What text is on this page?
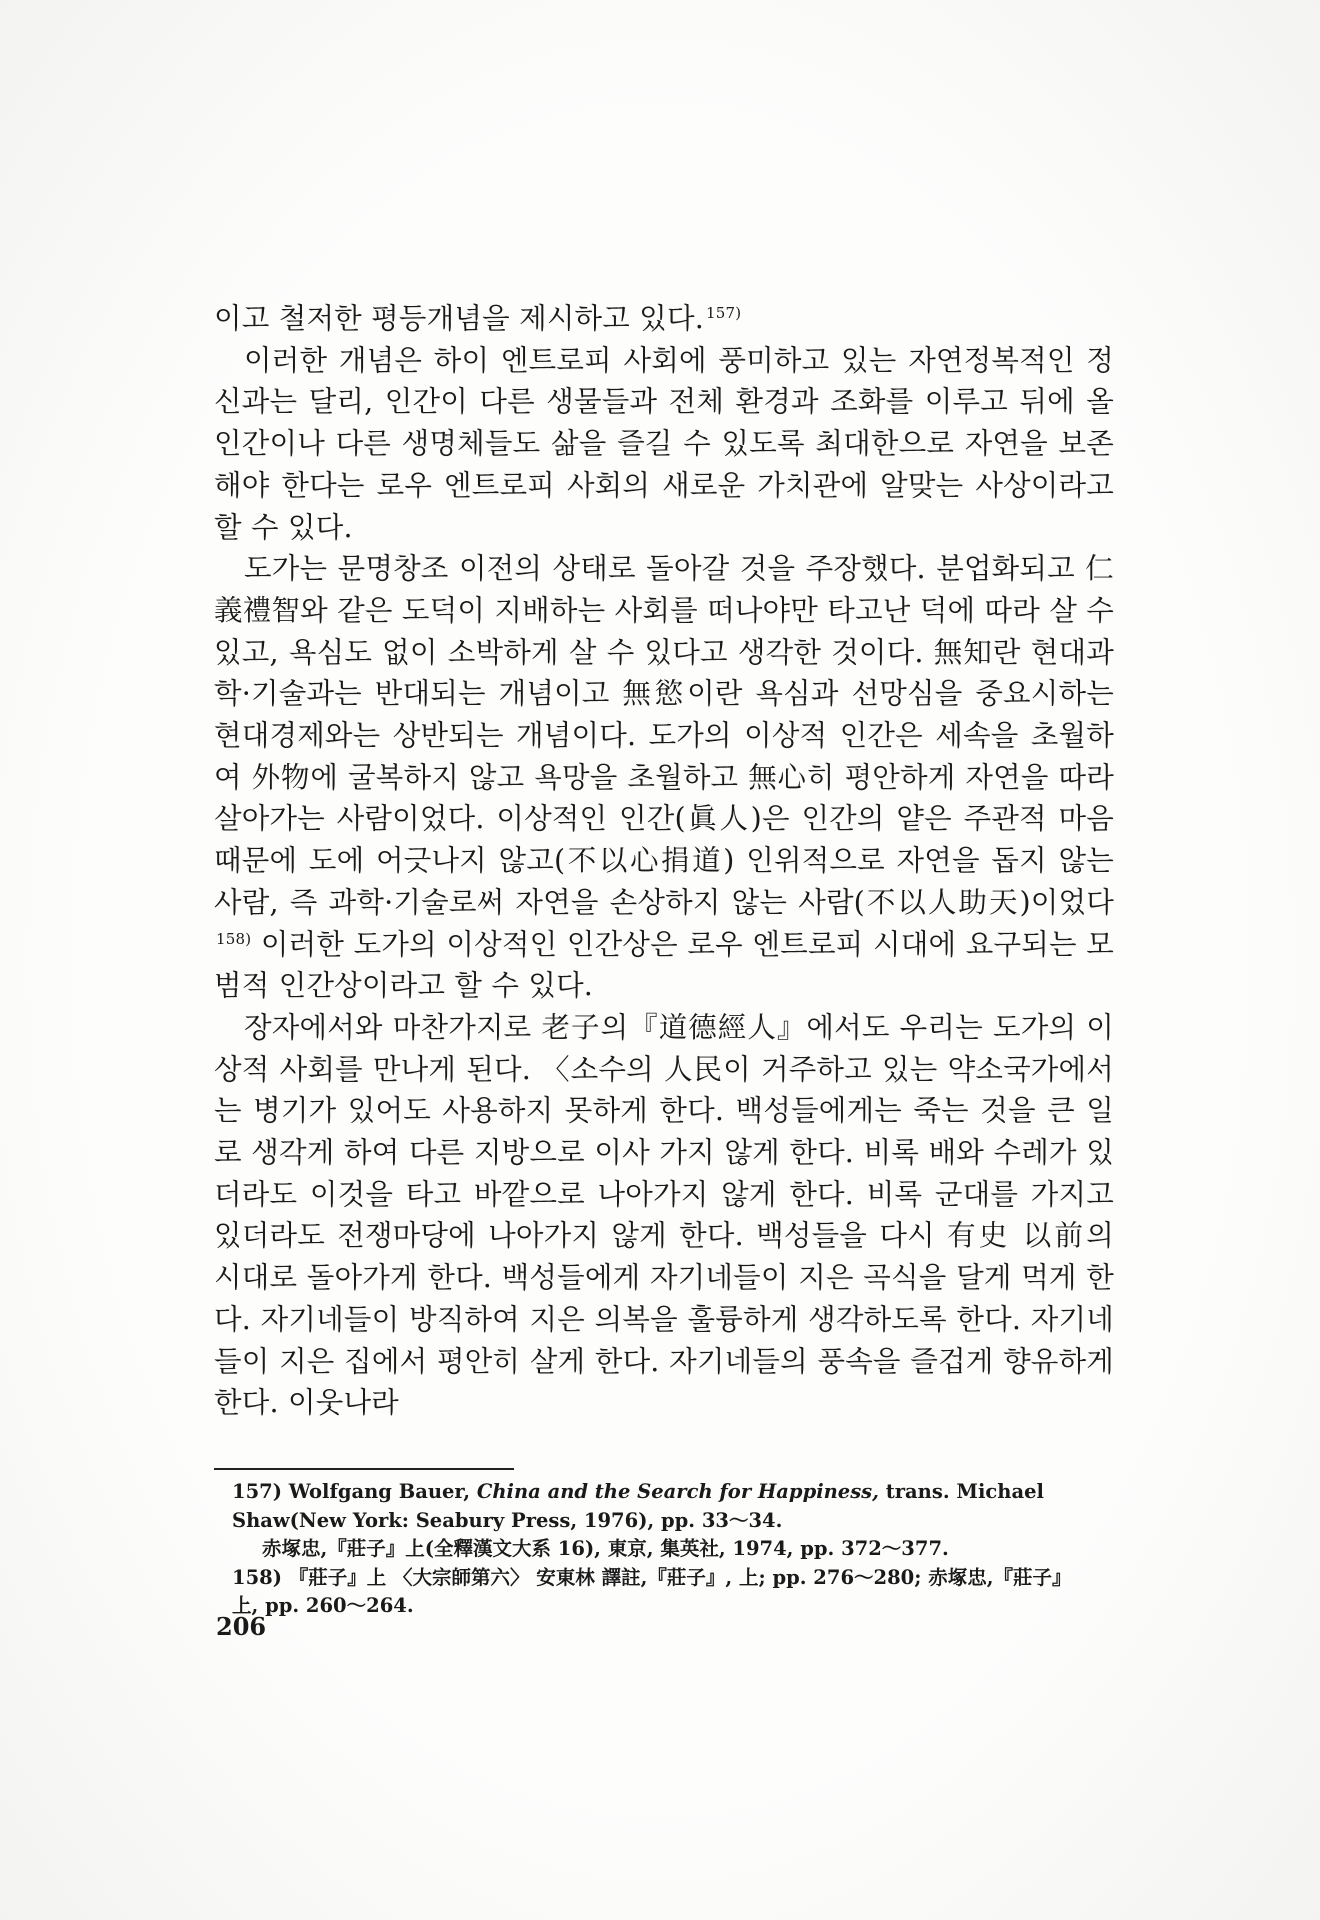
이고 철저한 평등개념을 제시하고 있다. $^{157)}$

이러한 개념은 하이 엔트로피 사회에 풍미하고 있는 자연정복적인 정신과는 달리, 인간이 다른 생물들과 전체 환경과 조화를 이루고 뒤에 올 인간이나 다른 생명체들도 삶을 즐길 수 있도록 최대한으로 자연을 보존해야 한다는 로우 엔트로피 사회의 새로운 가치관에 알맞는 사상이라고 할 수 있다.

도가는 문명창조 이전의 상태로 돌아갈 것을 주장했다. 분업화되고 仁義禮智와 같은 도덕이 지배하는 사회를 떠나야만 타고난 덕에 따라 살 수 있고, 욕심도 없이 소박하게 살 수 있다고 생각한 것이다. 無知란 현대과학·기술과는 반대되는 개념이고 無慾이란 욕심과 선망심을 중요시하는 현대경제와는 상반되는 개념이다. 도가의 이상적 인간은 세속을 초월하여 外物에 굴복하지 않고 욕망을 초월하고 無心히 평안하게 자연을 따라 살아가는 사람이었다. 이상적인 인간(眞人)은 인간의 얕은 주관적 마음 때문에 도에 어긋나지 않고(不以心捐道) 인위적으로 자연을 돕지 않는 사람, 즉 과학·기술로써 자연을 손상하지 않는 사람(不以人助天)이었다$^{158)}$ 이러한 도가의 이상적인 인간상은 로우 엔트로피 시대에 요구되는 모범적 인간상이라고 할 수 있다.

장자에서와 마찬가지로 老子의『道德經人』에서도 우리는 도가의 이상적 사회를 만나게 된다. 〈소수의 人民이 거주하고 있는 약소국가에서는 병기가 있어도 사용하지 못하게 한다. 백성들에게는 죽는 것을 큰 일로 생각게 하여 다른 지방으로 이사 가지 않게 한다. 비록 배와 수레가 있더라도 이것을 타고 바깥으로 나아가지 않게 한다. 비록 군대를 가지고 있더라도 전쟁마당에 나아가지 않게 한다. 백성들을 다시 有史 以前의 시대로 돌아가게 한다. 백성들에게 자기네들이 지은 곡식을 달게 먹게 한다. 자기네들이 방직하여 지은 의복을 훌륭하게 생각하도록 한다. 자기네들이 지은 집에서 평안히 살게 한다. 자기네들의 풍속을 즐겁게 향유하게 한다. 이웃나라

157) Wolfgang Bauer, China and the Search for Happiness, trans. Michael Shaw(New York: Seabury Press, 1976), pp. 33～34.

赤塚忠,『莊子』上(全釋漢文大系 16), 東京, 集英社, 1974, pp. 372～377.

158) 『莊子』上 〈大宗師第六〉 安東林 譯註,『莊子』, 上; pp. 276～280; 赤塚忠,『莊子』上, pp. 260～264.

206
